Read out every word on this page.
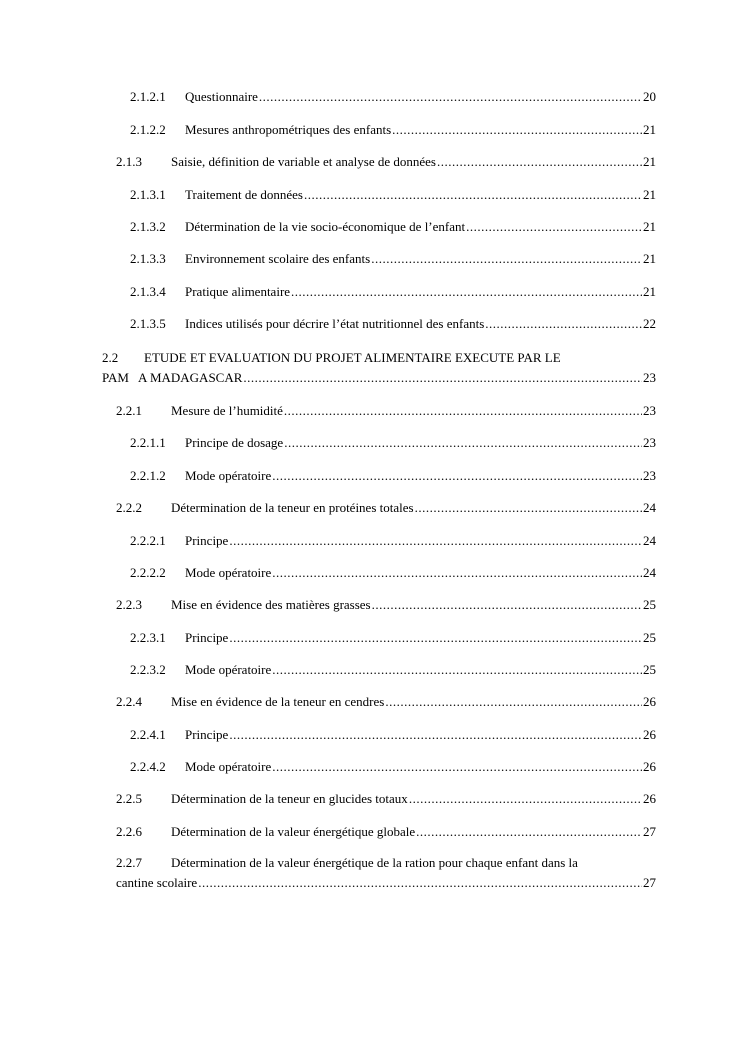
2.1.2.1	Questionnaire .....	20
2.1.2.2	Mesures anthropométriques des enfants .....	21
2.1.3	Saisie, définition de variable et analyse de données .....	21
2.1.3.1	Traitement de données .....	21
2.1.3.2	Détermination de la vie socio-économique de l’enfant .....	21
2.1.3.3	Environnement scolaire des enfants .....	21
2.1.3.4	Pratique alimentaire .....	21
2.1.3.5	Indices utilisés pour décrire l’état nutritionnel des enfants .....	22
2.2	ETUDE ET EVALUATION DU PROJET ALIMENTAIRE EXECUTE PAR LE
PAM   A MADAGASCAR .....	23
2.2.1	Mesure de l’humidité .....	23
2.2.1.1	Principe de dosage .....	23
2.2.1.2	Mode opératoire .....	23
2.2.2	Détermination de la teneur en protéines totales .....	24
2.2.2.1	Principe .....	24
2.2.2.2	Mode opératoire .....	24
2.2.3	Mise en évidence des matières grasses .....	25
2.2.3.1	Principe .....	25
2.2.3.2	Mode opératoire .....	25
2.2.4	Mise en évidence de la teneur en cendres .....	26
2.2.4.1	Principe .....	26
2.2.4.2	Mode opératoire .....	26
2.2.5	Détermination de la teneur en glucides totaux .....	26
2.2.6	Détermination de la valeur énergétique globale .....	27
2.2.7	Détermination de la valeur énergétique de la ration pour chaque enfant dans la
cantine scolaire .....	27
